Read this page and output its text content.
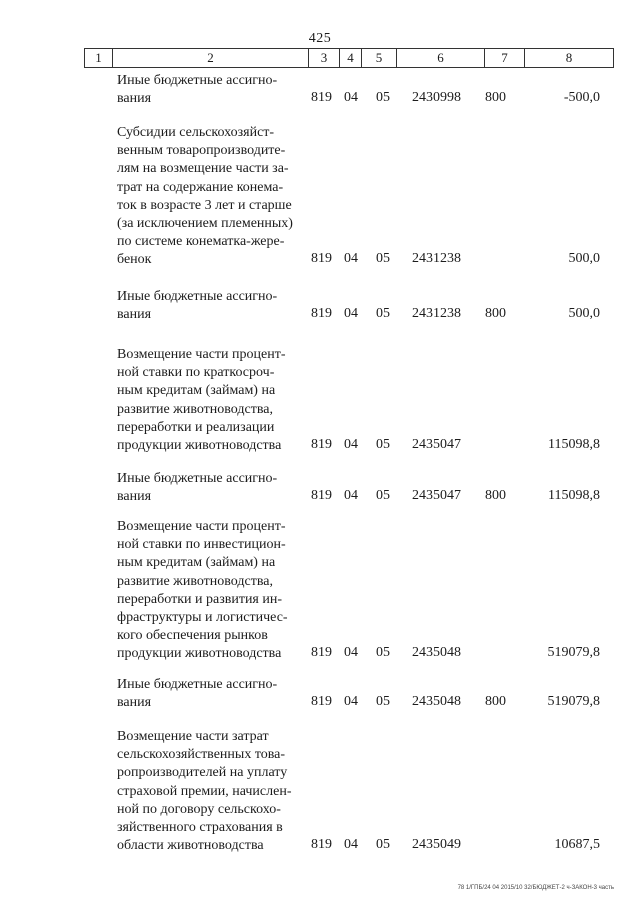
425
1	2	3	4	5	6	7	8
Иные бюджетные ассигно-
вания	819 04 05 2430998 800	-500,0
Субсидии сельскохозяйст-
венным товаропроизводите-
лям на возмещение части за-
трат на содержание конема-
ток в возрасте 3 лет и старше
(за исключением племенных)
по системе конематка-жере-
бенок	819 04 05 2431238	500,0
Иные бюджетные ассигно-
вания	819 04 05 2431238 800	500,0
Возмещение части процент-
ной ставки по краткосроч-
ным кредитам (займам) на
развитие животноводства,
переработки и реализации
продукции животноводства	819 04 05 2435047	115098,8
Иные бюджетные ассигно-
вания	819 04 05 2435047 800	115098,8
Возмещение части процент-
ной ставки по инвестицион-
ным кредитам (займам) на
развитие животноводства,
переработки и развития ин-
фраструктуры и логистичес-
кого обеспечения рынков
продукции животноводства	819 04 05 2435048	519079,8
Иные бюджетные ассигно-
вания	819 04 05 2435048 800	519079,8
Возмещение части затрат
сельскохозяйственных това-
ропроизводителей на уплату
страховой премии, начислен-
ной по договору сельскохо-
зяйственного страхования в
области животноводства	819 04 05 2435049	10687,5
78 1/ГПБ/24 04 2015/10 32/БЮДЖЕТ-2 ч-ЗАКОН-3 часть
